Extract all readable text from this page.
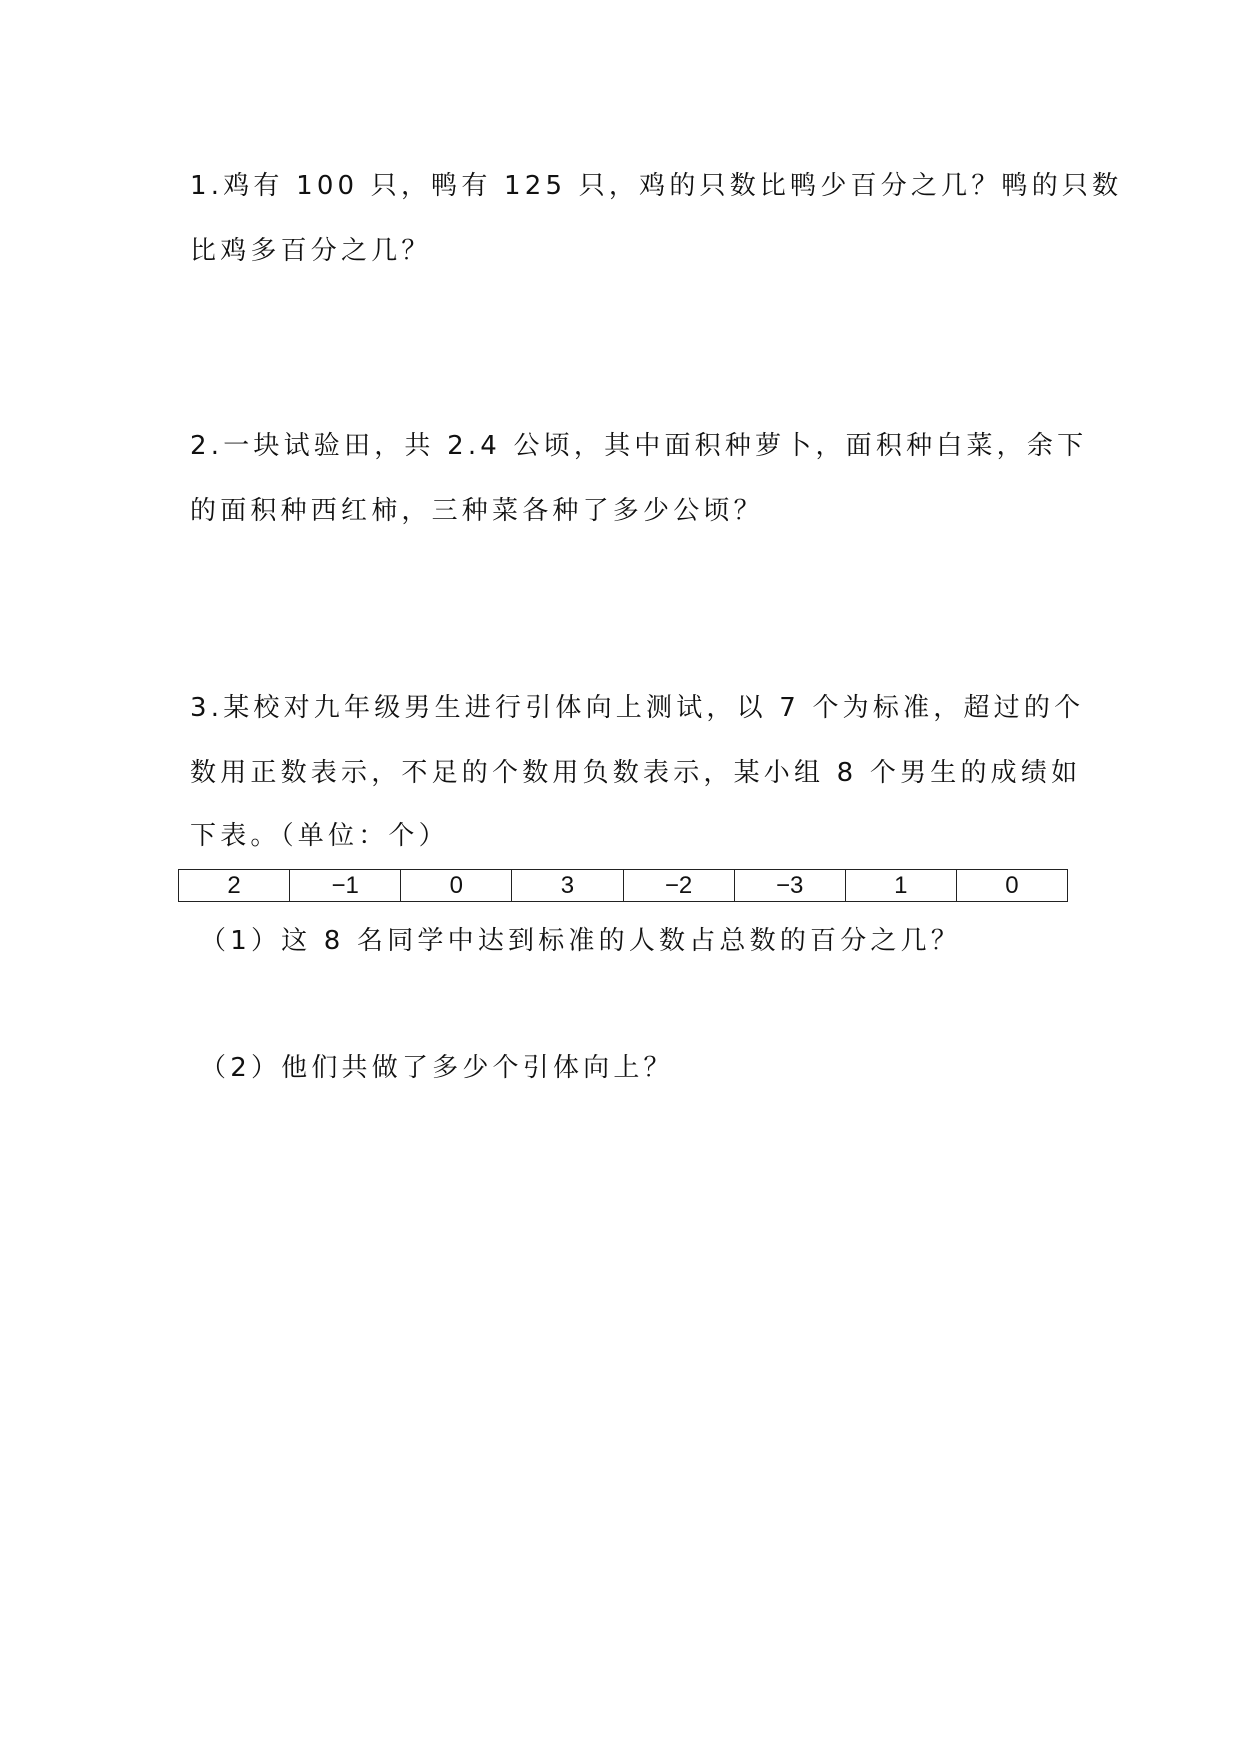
1.鸡有 100 只，鸭有 125 只，鸡的只数比鸭少百分之几？鸭的只数
比鸡多百分之几？
2.一块试验田，共 2.4 公顷，其中面积种萝卜，面积种白菜，余下
的面积种西红柿，三种菜各种了多少公顷？
3.某校对九年级男生进行引体向上测试，以 7 个为标准，超过的个
数用正数表示，不足的个数用负数表示，某小组 8 个男生的成绩如
下表。（单位：个）
2	−1	0	3	−2	−3	1	0
（1）这 8 名同学中达到标准的人数占总数的百分之几？
（2）他们共做了多少个引体向上？
